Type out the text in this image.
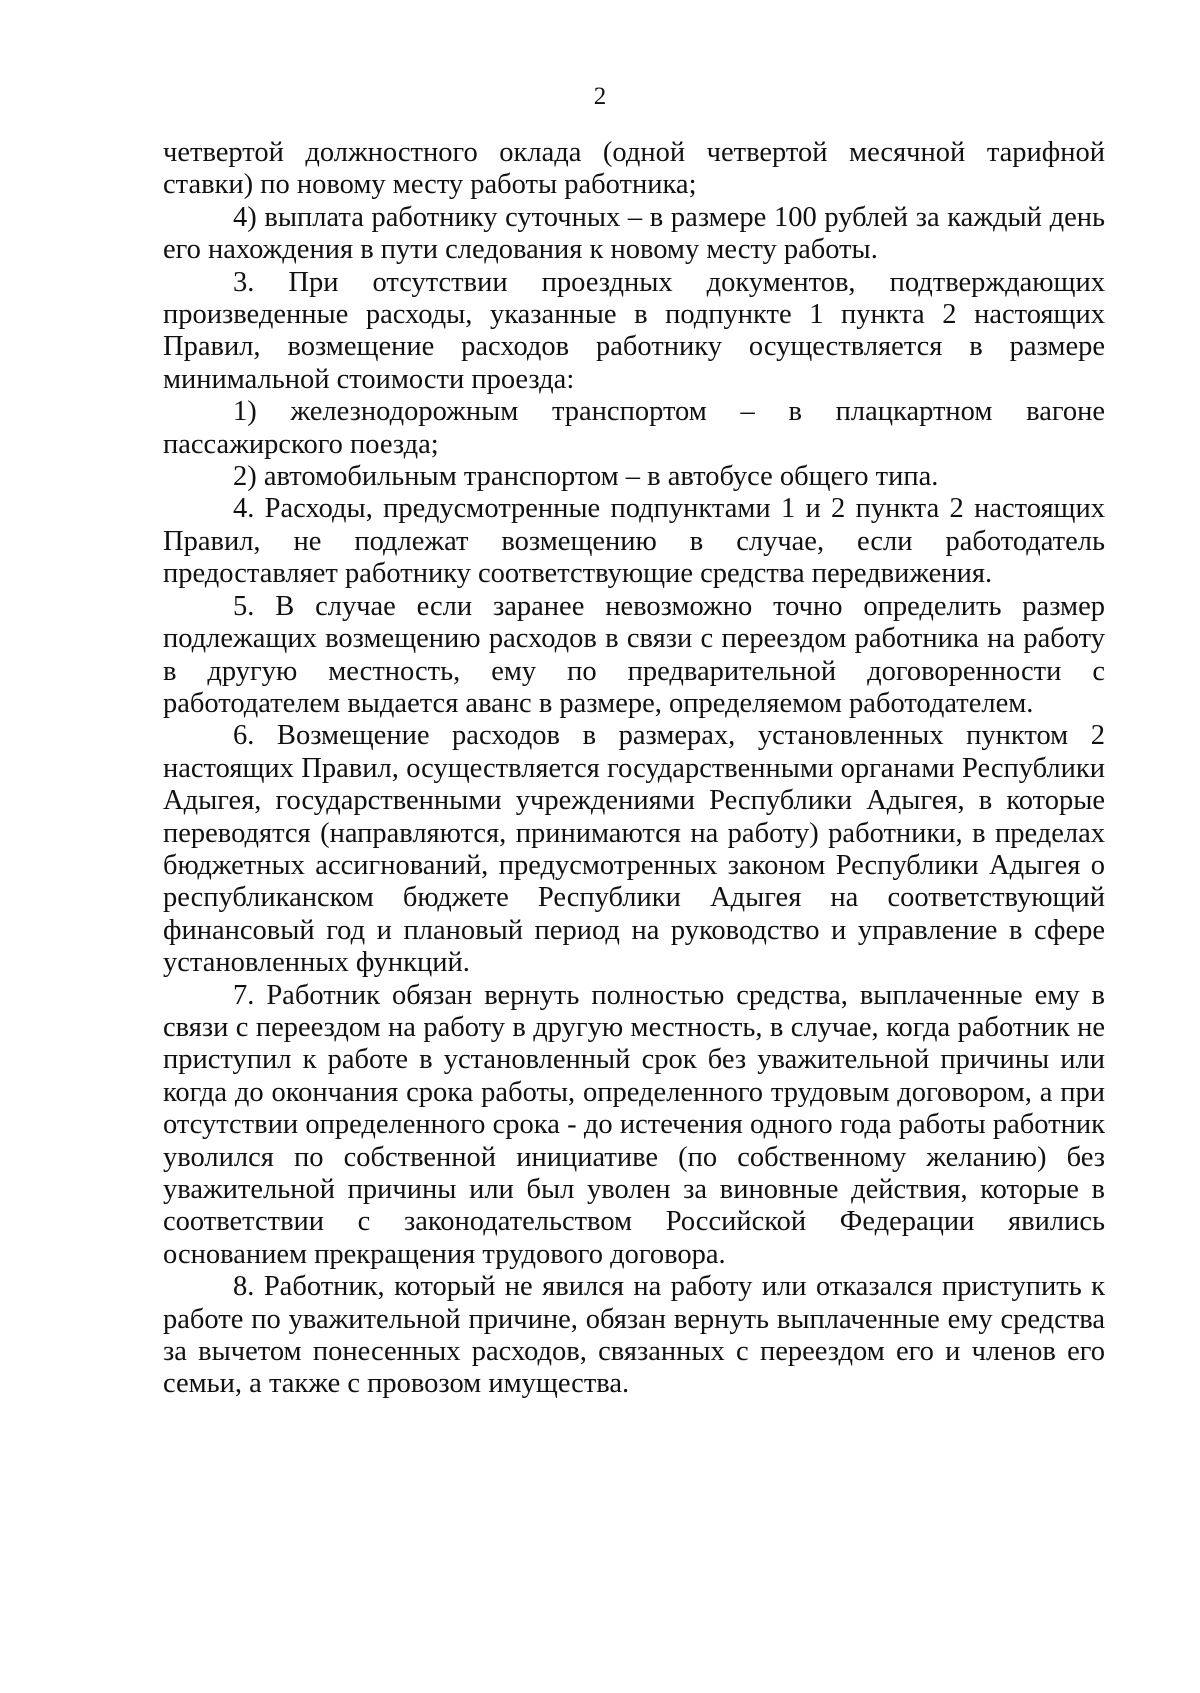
2

четвертой должностного оклада (одной четвертой месячной тарифной ставки) по новому месту работы работника;

4) выплата работнику суточных – в размере 100 рублей за каждый день его нахождения в пути следования к новому месту работы.

3. При отсутствии проездных документов, подтверждающих произведенные расходы, указанные в подпункте 1 пункта 2 настоящих Правил, возмещение расходов работнику осуществляется в размере минимальной стоимости проезда:

1) железнодорожным транспортом – в плацкартном вагоне пассажирского поезда;

2) автомобильным транспортом – в автобусе общего типа.

4. Расходы, предусмотренные подпунктами 1 и 2 пункта 2 настоящих Правил, не подлежат возмещению в случае, если работодатель предоставляет работнику соответствующие средства передвижения.

5. В случае если заранее невозможно точно определить размер подлежащих возмещению расходов в связи с переездом работника на работу в другую местность, ему по предварительной договоренности с работодателем выдается аванс в размере, определяемом работодателем.

6. Возмещение расходов в размерах, установленных пунктом 2 настоящих Правил, осуществляется государственными органами Республики Адыгея, государственными учреждениями Республики Адыгея, в которые переводятся (направляются, принимаются на работу) работники, в пределах бюджетных ассигнований, предусмотренных законом Республики Адыгея о республиканском бюджете Республики Адыгея на соответствующий финансовый год и плановый период на руководство и управление в сфере установленных функций.

7. Работник обязан вернуть полностью средства, выплаченные ему в связи с переездом на работу в другую местность, в случае, когда работник не приступил к работе в установленный срок без уважительной причины или когда до окончания срока работы, определенного трудовым договором, а при отсутствии определенного срока - до истечения одного года работы работник уволился по собственной инициативе (по собственному желанию) без уважительной причины или был уволен за виновные действия, которые в соответствии с законодательством Российской Федерации явились основанием прекращения трудового договора.

8. Работник, который не явился на работу или отказался приступить к работе по уважительной причине, обязан вернуть выплаченные ему средства за вычетом понесенных расходов, связанных с переездом его и членов его семьи, а также с провозом имущества.
